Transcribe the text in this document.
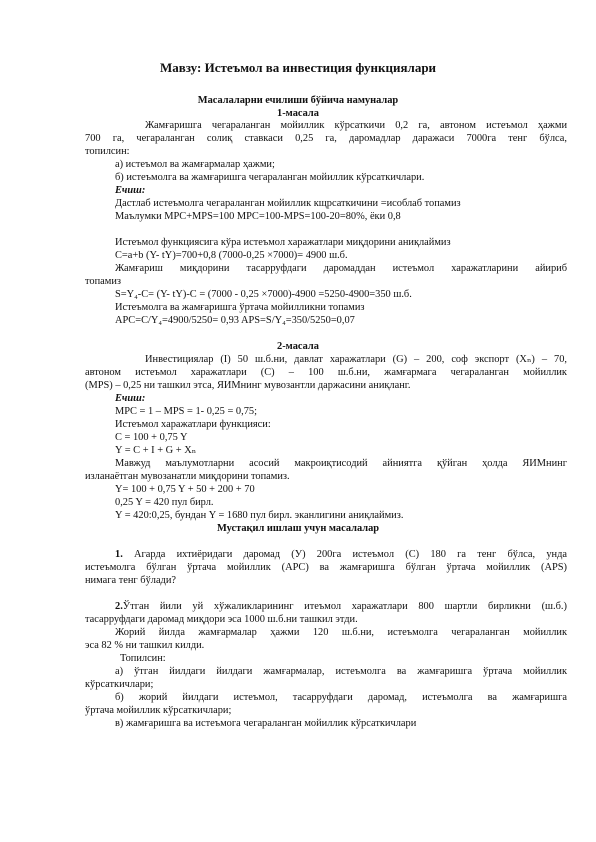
Мавзу: Истеъмол ва инвестиция функциялари
Масалаларни ечилиши бўйича намуналар
1-масала
Жамғаришга чегараланган мойиллик кўрсаткичи 0,2 га, автоном истеъмол ҳажми
700 га, чегараланган солиқ ставкаси 0,25 га, даромадлар даражаси 7000га тенг бўлса,
топилсин:
а) истеъмол ва жамғармалар ҳажми;
б) истеъмолга ва жамғаришга чегараланган мойиллик кўрсаткичлари.
Ечиш:
Дастлаб истеъмолга чегараланган мойиллик кщрсаткичини =исоблаб топамиз
Маълумки MPC+MPS=100 MPC=100-MPS=100-20=80%, ёки 0,8
Истеъмол функциясига кўра истеъмол харажатлари миқдорини аниқлаймиз
C=a+b (Y- tY)=700+0,8 (7000-0,25 ×7000)= 4900 ш.б.
Жамғариш миқдорини тасарруфдаги даромаддан истеъмол харажатларини айириб
топамиз
S=Y₄-C= (Y- tY)-C = (7000 - 0,25 ×7000)-4900 =5250-4900=350 ш.б.
Истеъмолга ва жамғаришга ўртача мойилликни топамиз
APC=C/Y₄=4900/5250= 0,93 APS=S/Y₄=350/5250=0,07
2-масала
Инвестициялар (I) 50 ш.б.ни, давлат харажатлари (G) – 200, соф экспорт (Xₙ) – 70,
автоном истеъмол харажатлари (С) – 100 ш.б.ни, жамғармага чегараланган мойиллик
(MPS) – 0,25 ни ташкил этса, ЯИМнинг мувозантли даржасини аниқланг.
Ечиш:
MPC = 1 – MPS = 1- 0,25 = 0,75;
Истеъмол харажатлари функцияси:
C = 100 + 0,75 Y
Y = C + I + G + Xₙ
Мавжуд маълумотларни асосий макроиқтисодий айниятга қўйган ҳолда ЯИМнинг
изланаётган мувозанатли миқдорини топамиз.
Y= 100 + 0,75 Y + 50 + 200 + 70
0,25 Y = 420 пул бирл.
Y = 420:0,25, бундан Y = 1680 пул бирл. эканлигини аниқлаймиз.
Мустақил ишлаш учун масалалар
1. Агарда ихтиёридаги даромад (У) 200га истеъмол (С) 180 га тенг бўлса, унда
истеъмолга бўлган ўртача мойиллик (АPC) ва жамғаришга бўлган ўртача мойиллик (АPS)
нимага тенг бўлади?
2.Ўтган йили уй хўжаликларининг итеъмол харажатлари 800 шартли бирликни (ш.б.)
тасарруфдаги даромад миқдори эса 1000 ш.б.ни ташкил этди.
Жорий йилда жамғармалар ҳажми 120 ш.б.ни, истеъмолга чегараланган мойиллик
эса 82 % ни ташкил килди.
Топилсин:
а) ўтган йилдаги йилдаги жамғармалар, истеъмолга ва жамғаришга ўртача мойиллик
кўрсаткичлари;
б) жорий йилдаги истеъмол, тасарруфдаги даромад, истеъмолга ва жамғаришга
ўртача мойиллик кўрсаткичлари;
в) жамғаришга ва истеъмога чегараланган мойиллик кўрсаткичлари
